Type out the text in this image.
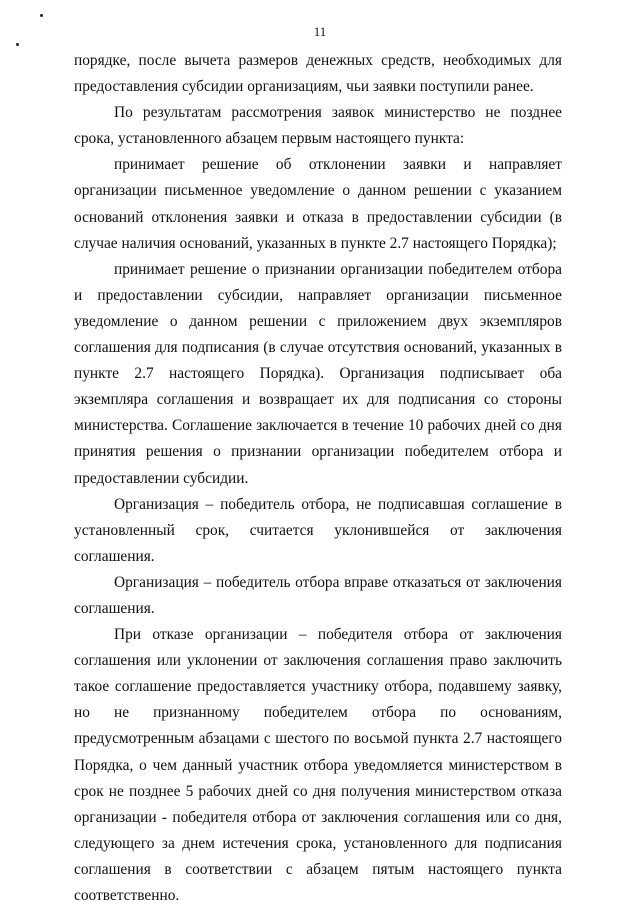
11

порядке, после вычета размеров денежных средств, необходимых для предоставления субсидии организациям, чьи заявки поступили ранее.

По результатам рассмотрения заявок министерство не позднее срока, установленного абзацем первым настоящего пункта:

принимает решение об отклонении заявки и направляет организации письменное уведомление о данном решении с указанием оснований отклонения заявки и отказа в предоставлении субсидии (в случае наличия оснований, указанных в пункте 2.7 настоящего Порядка);

принимает решение о признании организации победителем отбора и предоставлении субсидии, направляет организации письменное уведомление о данном решении с приложением двух экземпляров соглашения для подписания (в случае отсутствия оснований, указанных в пункте 2.7 настоящего Порядка). Организация подписывает оба экземпляра соглашения и возвращает их для подписания со стороны министерства. Соглашение заключается в течение 10 рабочих дней со дня принятия решения о признании организации победителем отбора и предоставлении субсидии.

Организация – победитель отбора, не подписавшая соглашение в установленный срок, считается уклонившейся от заключения соглашения.

Организация – победитель отбора вправе отказаться от заключения соглашения.

При отказе организации – победителя отбора от заключения соглашения или уклонении от заключения соглашения право заключить такое соглашение предоставляется участнику отбора, подавшему заявку, но не признанному победителем отбора по основаниям, предусмотренным абзацами с шестого по восьмой пункта 2.7 настоящего Порядка, о чем данный участник отбора уведомляется министерством в срок не позднее 5 рабочих дней со дня получения министерством отказа организации - победителя отбора от заключения соглашения или со дня, следующего за днем истечения срока, установленного для подписания соглашения в соответствии с абзацем пятым настоящего пункта соответственно.
